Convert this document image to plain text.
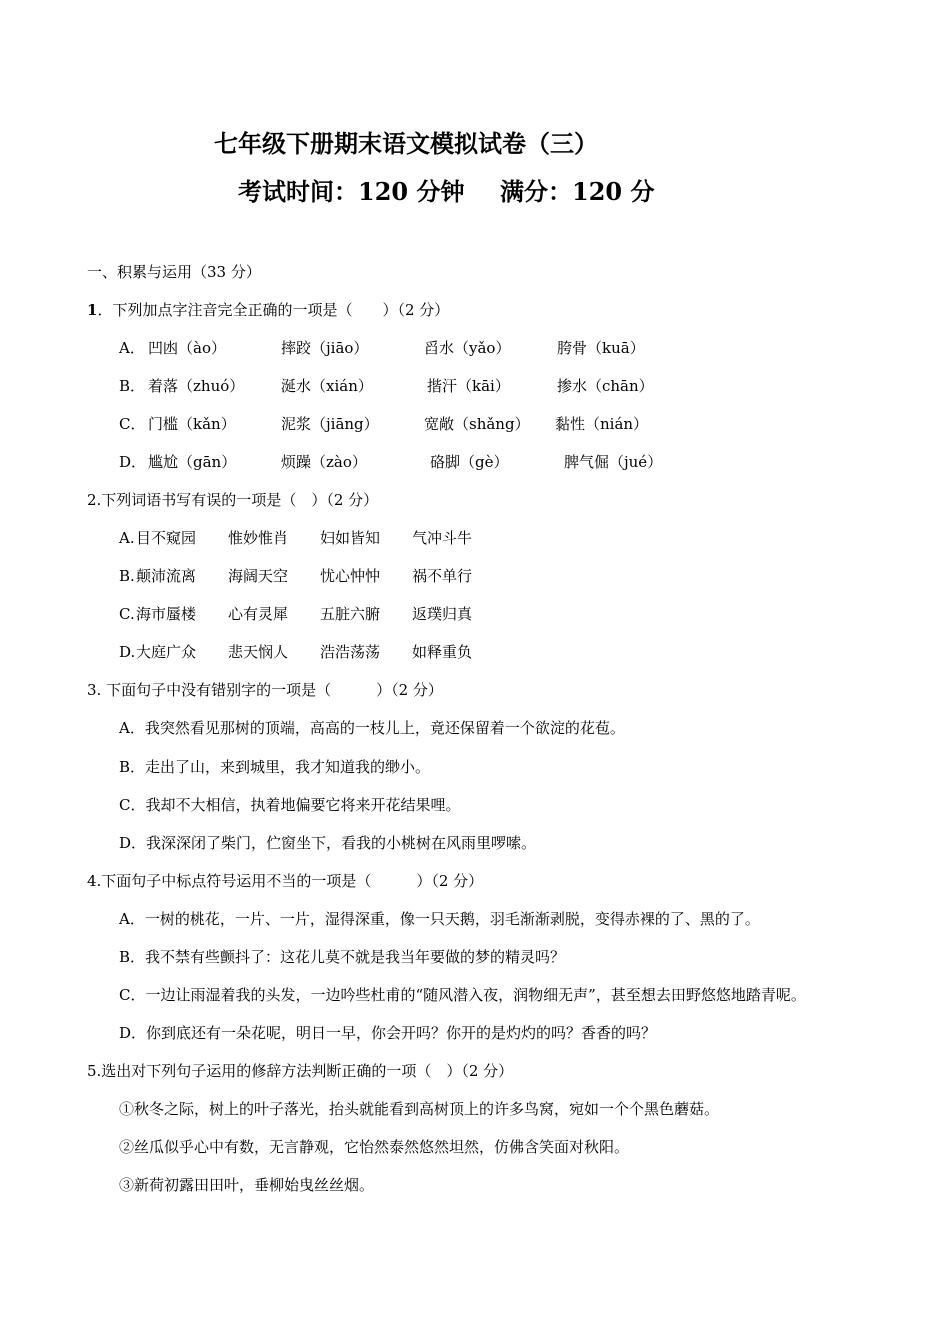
七年级下册期末语文模拟试卷（三）
考试时间：120 分钟 满分：120 分
一、积累与运用（33 分）
1．下列加点字注音完全正确的一项是（　　）（2 分）
A． 凹凼（ào）	摔跤（jiāo）	舀水（yǎo）	胯骨（kuā）
B． 着落（zhuó） 涎水（xián）	揩汗（kāi）	掺水（chān）
C． 门槛（kǎn）	泥浆（jiāng）	宽敞（shǎng） 黏性（nián）
D． 尴尬（gān）	烦躁（zào）	硌脚（gè）	脾气倔（jué）
2.下列词语书写有误的一项是（　）（2 分）
A. 目不窥园 惟妙惟肖 妇如皆知 气冲斗牛
B. 颠沛流离 海阔天空 忧心忡忡 祸不单行
C. 海市蜃楼 心有灵犀 五脏六腑 返璞归真
D. 大庭广众 悲天悯人 浩浩荡荡 如释重负
3. 下面句子中没有错别字的一项是（　　　）（2 分）
A．我突然看见那树的顶端，高高的一枝儿上，竟还保留着一个欲淀的花苞。
B．走出了山，来到城里，我才知道我的缈小。
C．我却不大相信，执着地偏要它将来开花结果哩。
D．我深深闭了柴门，伫窗坐下，看我的小桃树在风雨里啰嗦。
4.下面句子中标点符号运用不当的一项是（　　　）（2 分）
A．一树的桃花，一片、一片，湿得深重，像一只天鹅，羽毛渐渐剥脱，变得赤裸的了、黑的了。
B．我不禁有些颤抖了：这花儿莫不就是我当年要做的梦的精灵吗？
C．一边让雨湿着我的头发，一边吟些杜甫的“随风潜入夜，润物细无声”，甚至想去田野悠悠地踏青呢。
D．你到底还有一朵花呢，明日一早，你会开吗？你开的是灼灼的吗？香香的吗？
5.选出对下列句子运用的修辞方法判断正确的一项（　）（2 分）
①秋冬之际，树上的叶子落光，抬头就能看到高树顶上的许多鸟窝，宛如一个个黑色蘑菇。
②丝瓜似乎心中有数，无言静观，它怡然泰然悠然坦然，仿佛含笑面对秋阳。
③新荷初露田田叶，垂柳始曳丝丝烟。
